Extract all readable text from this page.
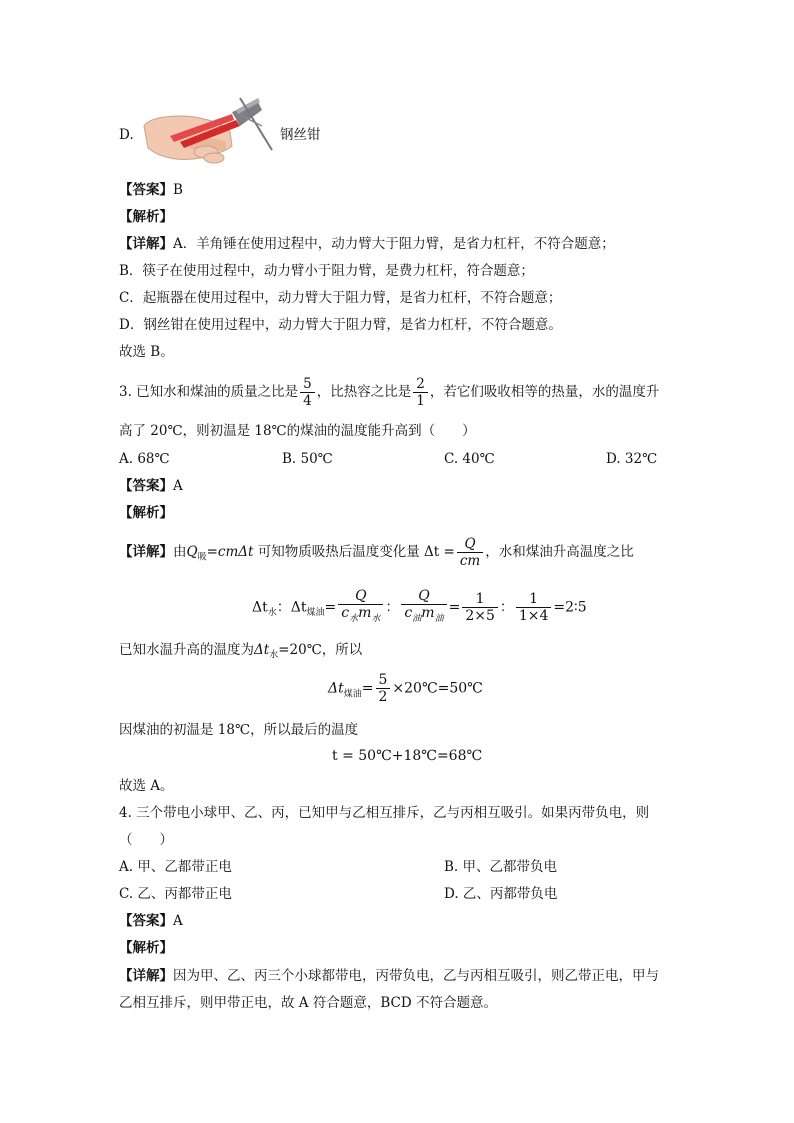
D.	钢丝钳
【答案】B
【解析】
【详解】A．羊角锤在使用过程中，动力臂大于阻力臂，是省力杠杆，不符合题意；
B．筷子在使用过程中，动力臂小于阻力臂，是费力杠杆，符合题意；
C．起瓶器在使用过程中，动力臂大于阻力臂，是省力杠杆，不符合题意；
D．钢丝钳在使用过程中，动力臂大于阻力臂，是省力杠杆，不符合题意。
故选 B。
3. 已知水和煤油的质量之比是 $\frac{5}{4}$ ，比热容之比是 $\frac{2}{1}$ ，若它们吸收相等的热量，水的温度升
高了 20℃，则初温是 18℃的煤油的温度能升高到（　　）
A. 68℃	B. 50℃	C. 40℃	D. 32℃
【答案】A
【解析】
【详解】由$Q_吸=cm\Delta t$ 可知物质吸热后温度变化量 $\Delta t = \frac{Q}{cm}$ ，水和煤油升高温度之比
$\Delta t_水$：$\Delta t_{煤油}= \frac{Q}{c_水m_水}$ ： $\frac{Q}{c_油m_油} = \frac{1}{2\times 5}$ ： $\frac{1}{1\times 4}$ =2∶5
已知水温升高的温度为$\Delta t_水=20℃$，所以
$\Delta t_{煤油}= \frac{5}{2}$ ×20℃=50℃
因煤油的初温是 18℃，所以最后的温度
t = 50℃+18℃=68℃
故选 A。
4. 三个带电小球甲、乙、丙，已知甲与乙相互排斥，乙与丙相互吸引。如果丙带负电，则
（　　）
A. 甲、乙都带正电	B. 甲、乙都带负电
C. 乙、丙都带正电	D. 乙、丙都带负电
【答案】A
【解析】
【详解】因为甲、乙、丙三个小球都带电，丙带负电，乙与丙相互吸引，则乙带正电，甲与
乙相互排斥，则甲带正电，故 A 符合题意，BCD 不符合题意。
